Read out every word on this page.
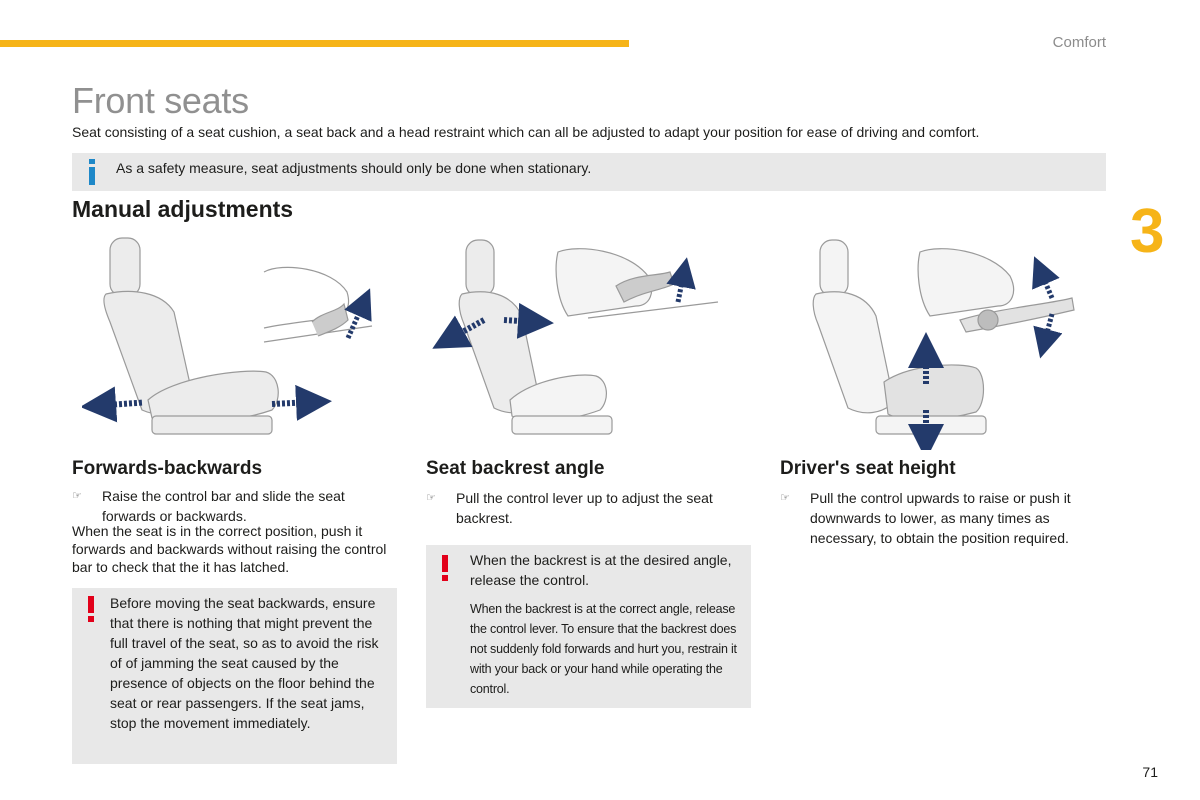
Comfort
3
Front seats
Seat consisting of a seat cushion, a seat back and a head restraint which can all be adjusted to adapt your position for ease of driving and comfort.
As a safety measure, seat adjustments should only be done when stationary.
Manual adjustments
Forwards-backwards
☞	Raise the control bar and slide the seat forwards or backwards.
When the seat is in the correct position, push it forwards and backwards without raising the control bar to check that the it has latched.
Before moving the seat backwards, ensure that there is nothing that might prevent the full travel of the seat, so as to avoid the risk of of jamming the seat caused by the presence of objects on the floor behind the seat or rear passengers. If the seat jams, stop the movement immediately.
Seat backrest angle
☞	Pull the control lever up to adjust the seat backrest.
When the backrest is at the desired angle, release the control.
When the backrest is at the correct angle, release the control lever. To ensure that the backrest does not suddenly fold forwards and hurt you, restrain it with your back or your hand while operating the control.
Driver's seat height
☞	Pull the control upwards to raise or push it downwards to lower, as many times as necessary, to obtain the position required.
71
